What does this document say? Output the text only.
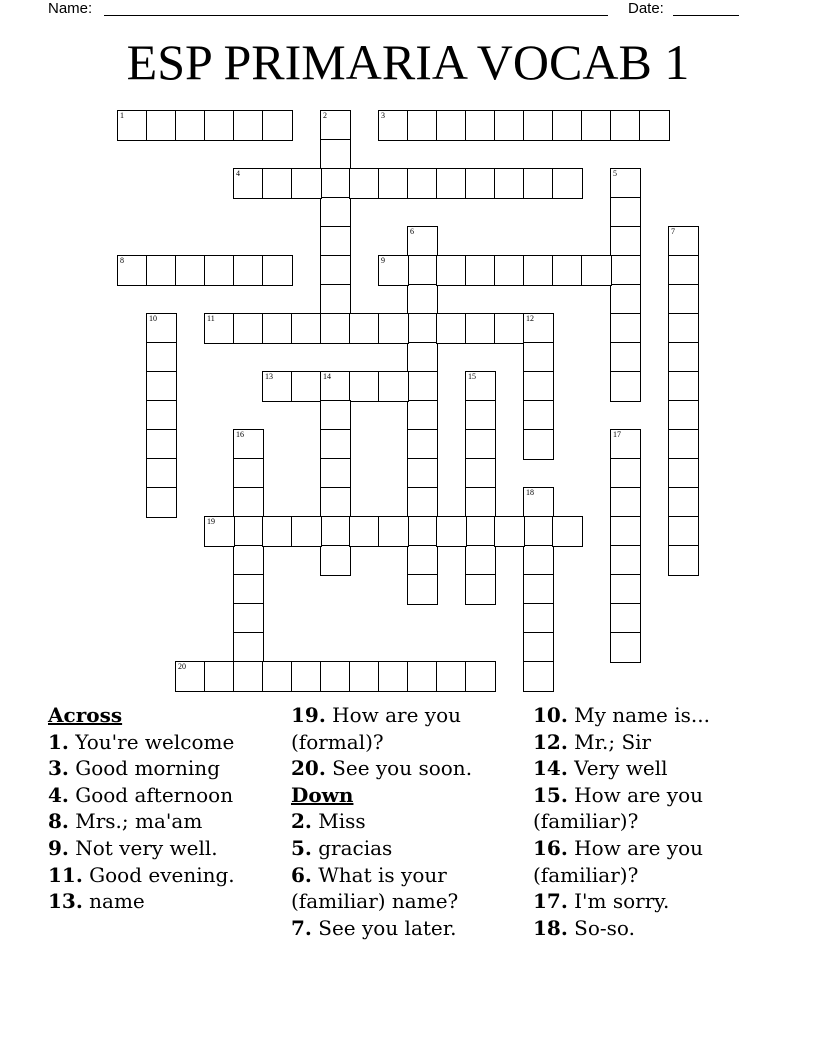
Name:	Date:
ESP PRIMARIA VOCAB 1
1	2	3
4	5
6	7
8	9
10	11	12
13	14	15
16	17
18
19
20
Across
1. You're welcome
3. Good morning
4. Good afternoon
8. Mrs.; ma'am
9. Not very well.
11. Good evening.
13. name
19. How are you (formal)?
20. See you soon.
Down
2. Miss
5. gracias
6. What is your (familiar) name?
7. See you later.
10. My name is...
12. Mr.; Sir
14. Very well
15. How are you (familiar)?
16. How are you (familiar)?
17. I'm sorry.
18. So-so.
